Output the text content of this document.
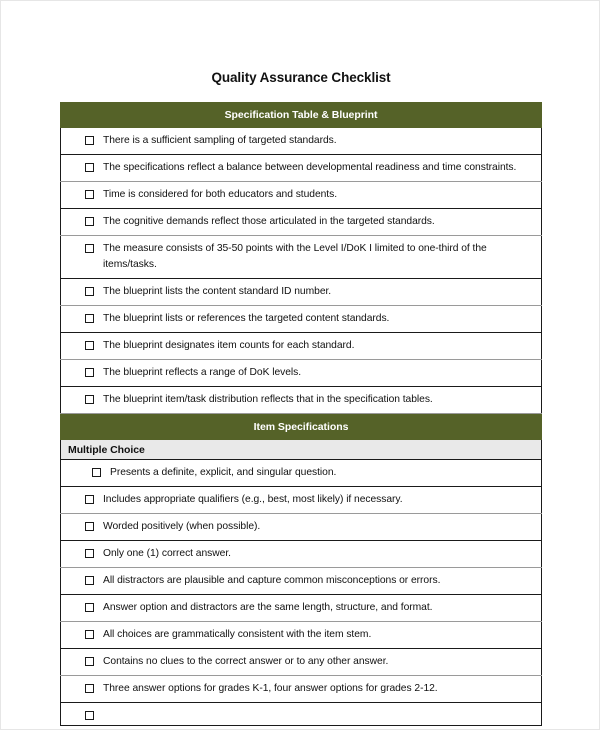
Quality Assurance Checklist
Specification Table & Blueprint

There is a sufficient sampling of targeted standards.

The specifications reflect a balance between developmental readiness and time constraints.

Time is considered for both educators and students.

The cognitive demands reflect those articulated in the targeted standards.

The measure consists of 35-50 points with the Level I/DoK I limited to one-third of the items/tasks.

The blueprint lists the content standard ID number.

The blueprint lists or references the targeted content standards.

The blueprint designates item counts for each standard.

The blueprint reflects a range of DoK levels.

The blueprint item/task distribution reflects that in the specification tables.

Item Specifications
Multiple Choice

Presents a definite, explicit, and singular question.

Includes appropriate qualifiers (e.g., best, most likely) if necessary.

Worded positively (when possible).

Only one (1) correct answer.

All distractors are plausible and capture common misconceptions or errors.

Answer option and distractors are the same length, structure, and format.

All choices are grammatically consistent with the item stem.

Contains no clues to the correct answer or to any other answer.

Three answer options for grades K-1, four answer options for grades 2-12.
